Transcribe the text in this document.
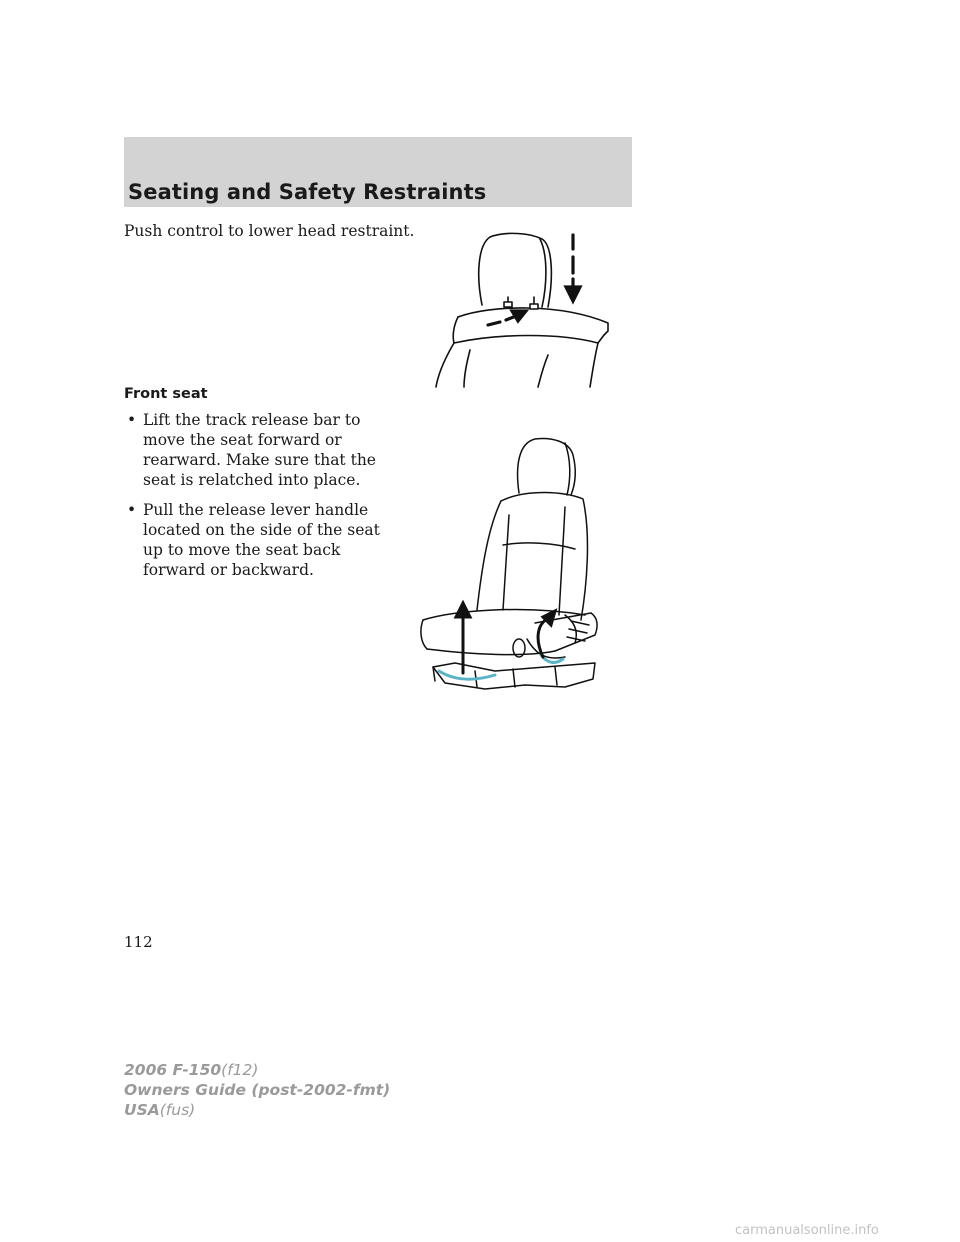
Seating and Safety Restraints
Push control to lower head restraint.
Front seat
• Lift the track release bar to move the seat forward or rearward. Make sure that the seat is relatched into place.
• Pull the release lever handle located on the side of the seat up to move the seat back forward or backward.
112
2006 F-150(f12)
Owners Guide (post-2002-fmt)
USA(fus)
carmanualsonline.info
